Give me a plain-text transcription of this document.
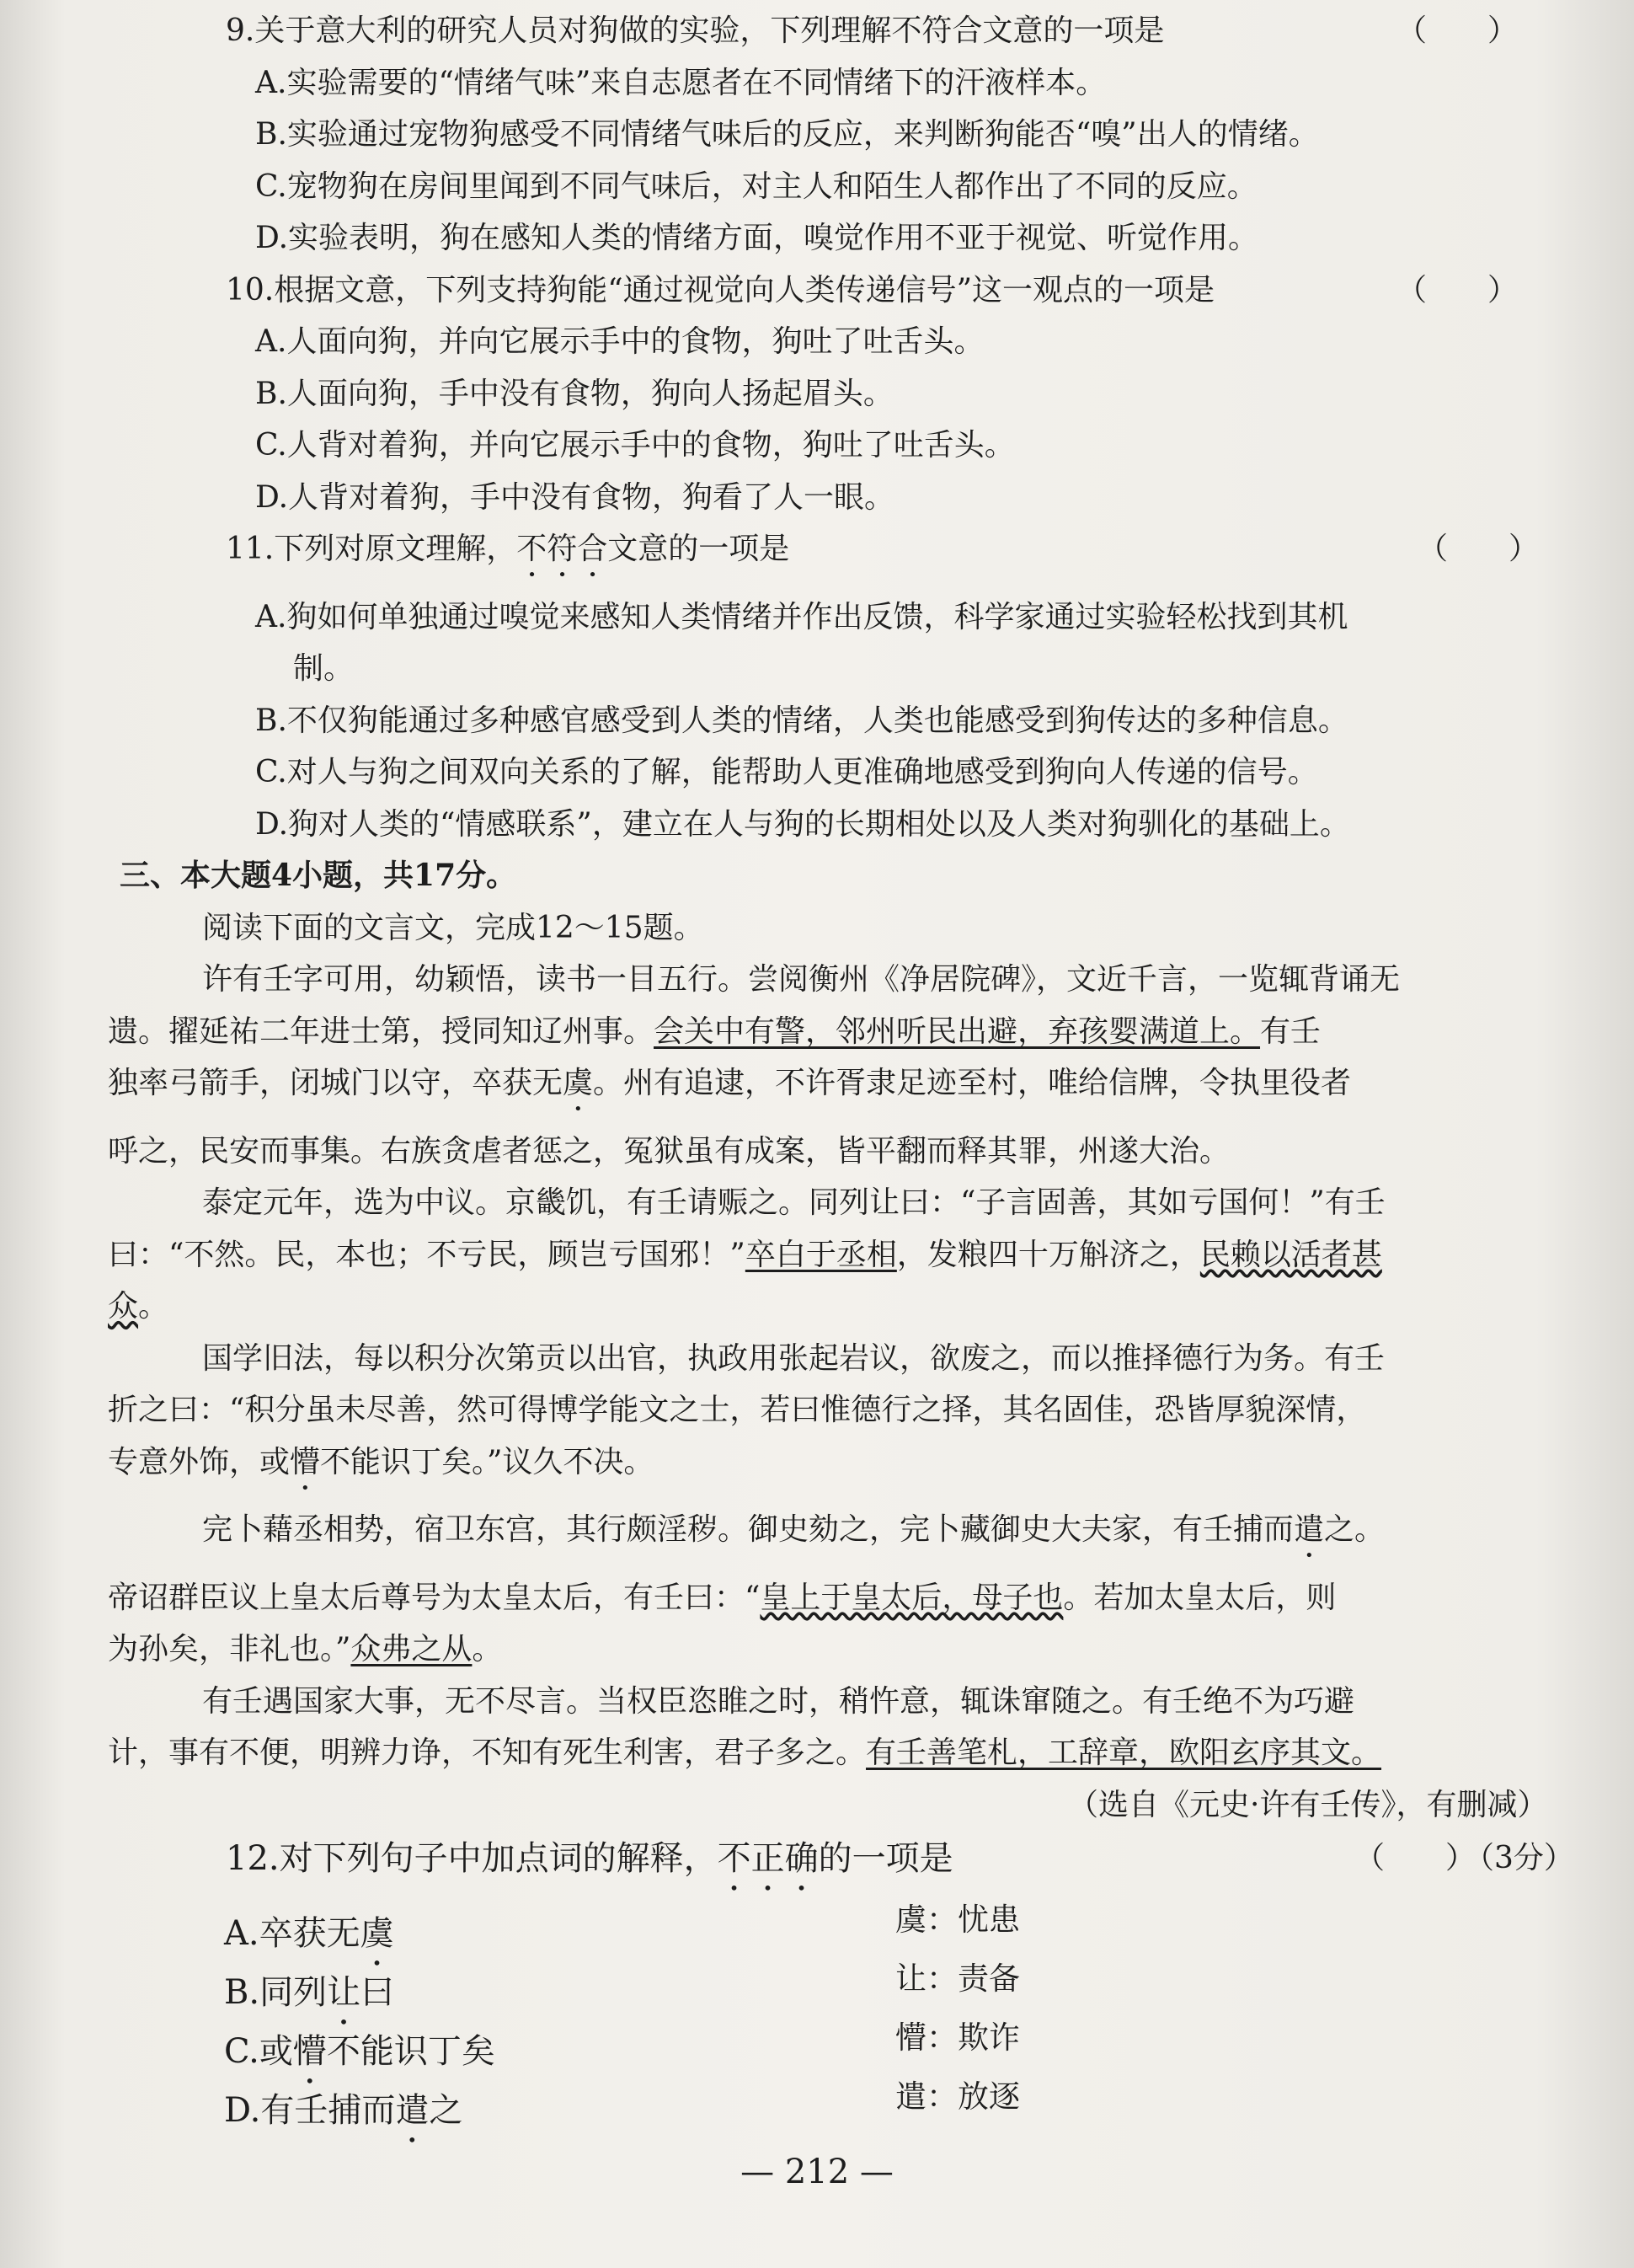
9.关于意大利的研究人员对狗做的实验，下列理解不符合文意的一项是	（　　）
A.实验需要的“情绪气味”来自志愿者在不同情绪下的汗液样本。
B.实验通过宠物狗感受不同情绪气味后的反应，来判断狗能否“嗅”出人的情绪。
C.宠物狗在房间里闻到不同气味后，对主人和陌生人都作出了不同的反应。
D.实验表明，狗在感知人类的情绪方面，嗅觉作用不亚于视觉、听觉作用。
10.根据文意，下列支持狗能“通过视觉向人类传递信号”这一观点的一项是	（　　）
A.人面向狗，并向它展示手中的食物，狗吐了吐舌头。
B.人面向狗，手中没有食物，狗向人扬起眉头。
C.人背对着狗，并向它展示手中的食物，狗吐了吐舌头。
D.人背对着狗，手中没有食物，狗看了人一眼。
11.下列对原文理解，不符合文意的一项是	（　　）
A.狗如何单独通过嗅觉来感知人类情绪并作出反馈，科学家通过实验轻松找到其机
制。
B.不仅狗能通过多种感官感受到人类的情绪，人类也能感受到狗传达的多种信息。
C.对人与狗之间双向关系的了解，能帮助人更准确地感受到狗向人传递的信号。
D.狗对人类的“情感联系”，建立在人与狗的长期相处以及人类对狗驯化的基础上。
三、本大题4小题，共17分。
阅读下面的文言文，完成12～15题。
许有壬字可用，幼颖悟，读书一目五行。尝阅衡州《净居院碑》，文近千言，一览辄背诵无
遗。擢延祐二年进士第，授同知辽州事。会关中有警，邻州听民出避，弃孩婴满道上。有壬
独率弓箭手，闭城门以守，卒获无虞。州有追逮，不许胥隶足迹至村，唯给信牌，令执里役者
呼之，民安而事集。右族贪虐者惩之，冤狱虽有成案，皆平翻而释其罪，州遂大治。
泰定元年，选为中议。京畿饥，有壬请赈之。同列让曰：“子言固善，其如亏国何！”有壬
曰：“不然。民，本也；不亏民，顾岂亏国邪！”卒白于丞相，发粮四十万斛济之，民赖以活者甚
众。
国学旧法，每以积分次第贡以出官，执政用张起岩议，欲废之，而以推择德行为务。有壬
折之曰：“积分虽未尽善，然可得博学能文之士，若曰惟德行之择，其名固佳，恐皆厚貌深情，
专意外饰，或懵不能识丁矣。”议久不决。
完卜藉丞相势，宿卫东宫，其行颇淫秽。御史劾之，完卜藏御史大夫家，有壬捕而遣之。
帝诏群臣议上皇太后尊号为太皇太后，有壬曰：“皇上于皇太后，母子也。若加太皇太后，则
为孙矣，非礼也。”众弗之从。
有壬遇国家大事，无不尽言。当权臣恣睢之时，稍忤意，辄诛窜随之。有壬绝不为巧避
计，事有不便，明辨力诤，不知有死生利害，君子多之。有壬善笔札，工辞章，欧阳玄序其文。
（选自《元史·许有壬传》，有删减）
12.对下列句子中加点词的解释，不正确的一项是	（　　）
（3分）
A.卒获无虞	虞：忧患
B.同列让曰	让：责备
C.或懵不能识丁矣	懵：欺诈
D.有壬捕而遣之	遣：放逐
— 212 —
